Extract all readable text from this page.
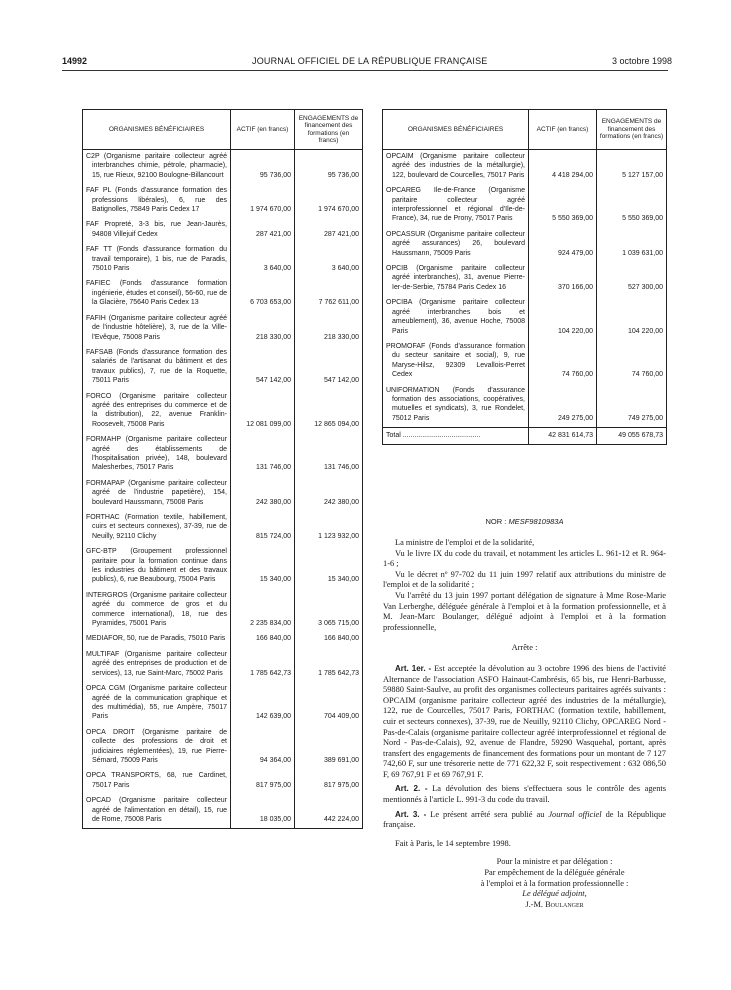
14992	JOURNAL OFFICIEL DE LA RÉPUBLIQUE FRANÇAISE	3 octobre 1998
ORGANISMES BÉNÉFICIAIRES	ACTIF (en francs)	ENGAGEMENTS de financement des formations (en francs)

C2P (Organisme paritaire collecteur agréé interbranches chimie, pétrole, pharmacie), 15, rue Rieux, 92100 Boulogne-Billancourt	95 736,00	95 736,00

FAF PL (Fonds d'assurance formation des professions libérales), 6, rue des Batignolles, 75849 Paris Cedex 17	1 974 670,00	1 974 670,00

FAF Propreté, 3-3 bis, rue Jean-Jaurès, 94808 Villejuif Cedex	287 421,00	287 421,00

FAF TT (Fonds d'assurance formation du travail temporaire), 1 bis, rue de Paradis, 75010 Paris	3 640,00	3 640,00

FAFIEC (Fonds d'assurance formation ingénierie, études et conseil), 56-60, rue de la Glacière, 75640 Paris Cedex 13	6 703 653,00	7 762 611,00

FAFIH (Organisme paritaire collecteur agréé de l'industrie hôtelière), 3, rue de la Ville-l'Evêque, 75008 Paris	218 330,00	218 330,00

FAFSAB (Fonds d'assurance formation des salariés de l'artisanat du bâtiment et des travaux publics), 7, rue de la Roquette, 75011 Paris	547 142,00	547 142,00

FORCO (Organisme paritaire collecteur agréé des entreprises du commerce et de la distribution), 22, avenue Franklin-Roosevelt, 75008 Paris	12 081 099,00	12 865 094,00

FORMAHP (Organisme paritaire collecteur agréé des établissements de l'hospitalisation privée), 148, boulevard Malesherbes, 75017 Paris	131 746,00	131 746,00

FORMAPAP (Organisme paritaire collecteur agréé de l'industrie papetière), 154, boulevard Haussmann, 75008 Paris	242 380,00	242 380,00

FORTHAC (Formation textile, habillement, cuirs et secteurs connexes), 37-39, rue de Neuilly, 92110 Clichy	815 724,00	1 123 932,00

GFC-BTP (Groupement professionnel paritaire pour la formation continue dans les industries du bâtiment et des travaux publics), 6, rue Beaubourg, 75004 Paris	15 340,00	15 340,00

INTERGROS (Organisme paritaire collecteur agréé du commerce de gros et du commerce international), 18, rue des Pyramides, 75001 Paris	2 235 834,00	3 065 715,00

MEDIAFOR, 50, rue de Paradis, 75010 Paris	166 840,00	166 840,00

MULTIFAF (Organisme paritaire collecteur agréé des entreprises de production et de services), 13, rue Saint-Marc, 75002 Paris	1 785 642,73	1 785 642,73

OPCA CGM (Organisme paritaire collecteur agréé de la communication graphique et des multimédia), 55, rue Ampère, 75017 Paris	142 639,00	704 409,00

OPCA DROIT (Organisme paritaire de collecte des professions de droit et judiciaires réglementées), 19, rue Pierre-Sémard, 75009 Paris	94 364,00	389 691,00

OPCA TRANSPORTS, 68, rue Cardinet, 75017 Paris	817 975,00	817 975,00

OPCAD (Organisme paritaire collecteur agréé de l'alimentation en détail), 15, rue de Rome, 75008 Paris	18 035,00	442 224,00
ORGANISMES BÉNÉFICIAIRES	ACTIF (en francs)	ENGAGEMENTS de financement des formations (en francs)

OPCAIM (Organisme paritaire collecteur agréé des industries de la métallurgie), 122, boulevard de Courcelles, 75017 Paris	4 418 294,00	5 127 157,00

OPCAREG Ile-de-France (Organisme paritaire collecteur agréé interprofessionnel et régional d'Ile-de-France), 34, rue de Prony, 75017 Paris	5 550 369,00	5 550 369,00

OPCASSUR (Organisme paritaire collecteur agréé assurances) 26, boulevard Haussmann, 75009 Paris	924 479,00	1 039 631,00

OPCIB (Organisme paritaire collecteur agréé interbranches), 31, avenue Pierre-Ier-de-Serbie, 75784 Paris Cedex 16	370 166,00	527 300,00

OPCIBA (Organisme paritaire collecteur agréé interbranches bois et ameublement), 36, avenue Hoche, 75008 Paris	104 220,00	104 220,00

PROMOFAF (Fonds d'assurance formation du secteur sanitaire et social), 9, rue Maryse-Hilsz, 92309 Levallois-Perret Cedex	74 760,00	74 760,00

UNIFORMATION (Fonds d'assurance formation des associations, coopératives, mutuelles et syndicats), 3, rue Rondelet, 75012 Paris	249 275,00	749 275,00
Total ........................................	42 831 614,73	49 055 678,73
NOR : MESF9810983A

La ministre de l'emploi et de la solidarité,

Vu le livre IX du code du travail, et notamment les articles L. 961-12 et R. 964-1-6 ;

Vu le décret nº 97-702 du 11 juin 1997 relatif aux attributions du ministre de l'emploi et de la solidarité ;

Vu l'arrêté du 13 juin 1997 portant délégation de signature à Mme Rose-Marie Van Lerberghe, déléguée générale à l'emploi et à la formation professionnelle, et à M. Jean-Marc Boulanger, délégué adjoint à l'emploi et à la formation professionnelle,

Arrête :

Art. 1er. - Est acceptée la dévolution au 3 octobre 1996 des biens de l'activité Alternance de l'association ASFO Hainaut-Cambrésis, 65 bis, rue Henri-Barbusse, 59880 Saint-Saulve, au profit des organismes collecteurs paritaires agréés suivants : OPCAIM (organisme paritaire collecteur agréé des industries de la métallurgie), 122, rue de Courcelles, 75017 Paris, FORTHAC (formation textile, habillement, cuir et secteurs connexes), 37-39, rue de Neuilly, 92110 Clichy, OPCAREG Nord - Pas-de-Calais (organisme paritaire collecteur agréé interprofessionnel et régional de Nord - Pas-de-Calais), 92, avenue de Flandre, 59290 Wasquehal, portant, après transfert des engagements de financement des formations pour un montant de 7 127 742,60 F, sur une trésorerie nette de 771 622,32 F, soit respectivement : 632 086,50 F, 69 767,91 F et 69 767,91 F.

Art. 2. - La dévolution des biens s'effectuera sous le contrôle des agents mentionnés à l'article L. 991-3 du code du travail.

Art. 3. - Le présent arrêté sera publié au Journal officiel de la République française.

Fait à Paris, le 14 septembre 1998.

Pour la ministre et par délégation :

Par empêchement de la déléguée générale

à l'emploi et à la formation professionnelle :

Le délégué adjoint,

J.-M. Boulanger
